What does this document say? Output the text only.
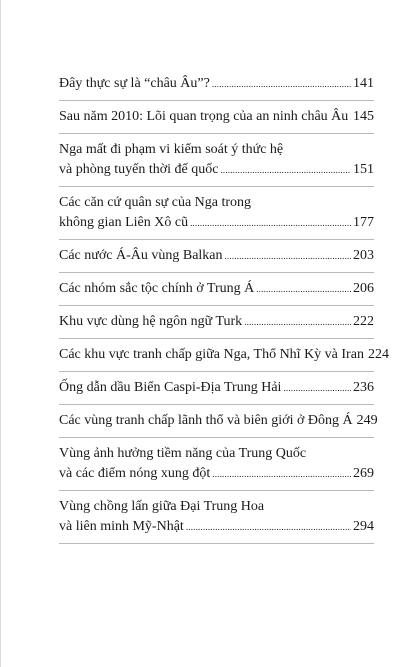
Đây thực sự là “châu Âu”? .....	141
Sau năm 2010: Lõi quan trọng của an ninh châu Âu ..... 145
Nga mất đi phạm vi kiểm soát ý thức hệ
và phòng tuyến thời đế quốc .....	151
Các căn cứ quân sự của Nga trong
không gian Liên Xô cũ .....	177
Các nước Á-Âu vùng Balkan .....	203
Các nhóm sắc tộc chính ở Trung Á .....	206
Khu vực dùng hệ ngôn ngữ Turk .....	222
Các khu vực tranh chấp giữa Nga, Thổ Nhĩ Kỳ và Iran 224
Ống dẫn dầu Biển Caspi-Địa Trung Hải .....	236
Các vùng tranh chấp lãnh thổ và biên giới ở Đông Á 249
Vùng ảnh hưởng tiềm năng của Trung Quốc
và các điểm nóng xung đột .....	269
Vùng chồng lấn giữa Đại Trung Hoa
và liên minh Mỹ-Nhật .....	294
